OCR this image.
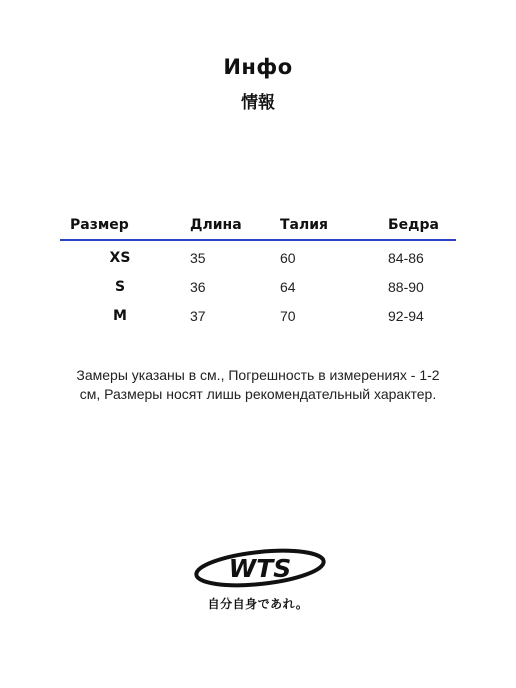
Инфо
情報
Размер	Длина	Талия	Бедра
XS	35	60	84-86
S	36	64	88-90
M	37	70	92-94
Замеры указаны в см., Погрешность в измерениях - 1-2
см, Размеры носят лишь рекомендательный характер.
WTS
自分自身であれ。
